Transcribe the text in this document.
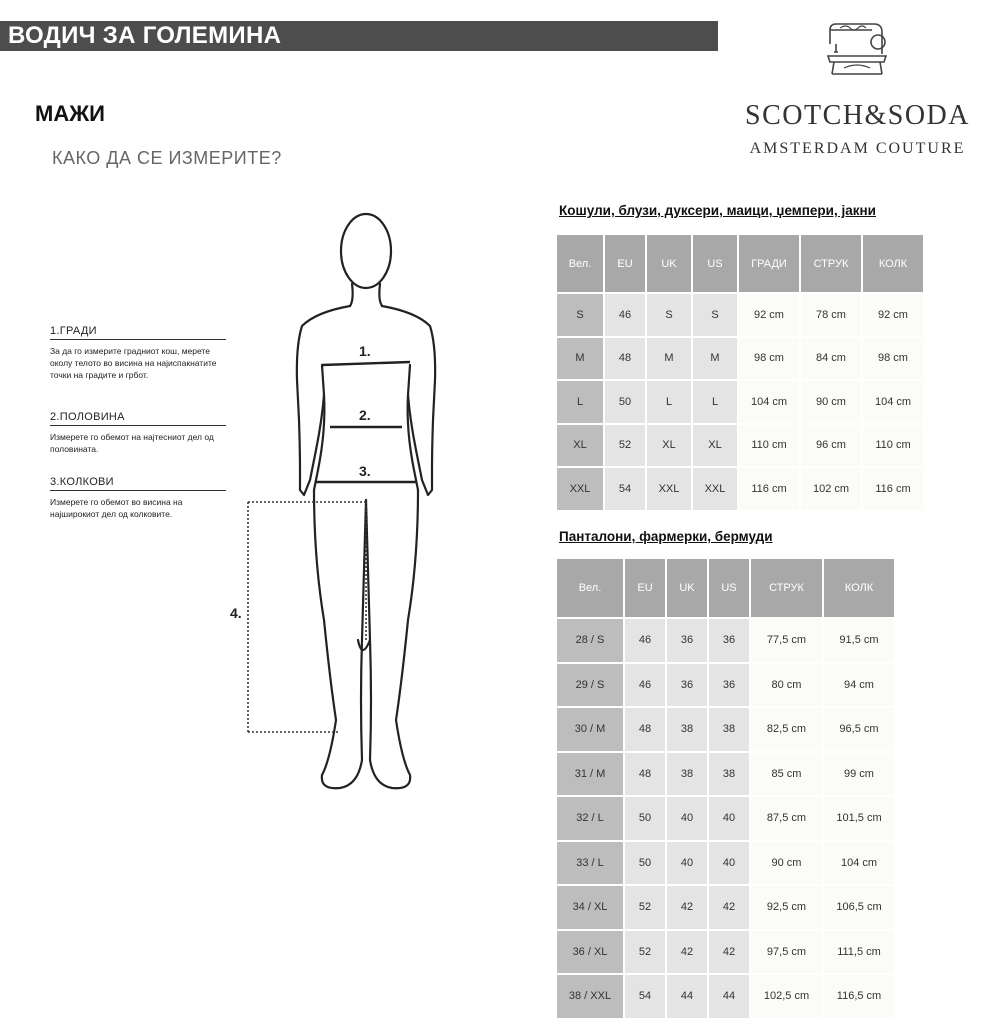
ВОДИЧ ЗА ГОЛЕМИНА
МАЖИ
КАКО ДА СЕ ИЗМЕРИТЕ?
SCOTCH&SODA
AMSTERDAM COUTURE
1.ГРАДИ
За да го измерите градниот кош, мерете околу телото во висина на најиспакнатите точки на градите и грбот.
2.ПОЛОВИНА
Измерете го обемот на најтесниот дел од половината.
3.КОЛКОВИ
Измерете го обемот во висина на најширокиот дел од колковите.
1.
2.
3.
4.
Кошули, блузи, дуксери, маици, џемпери, јакни
Вел.	EU	UK	US	ГРАДИ	СТРУК	КОЛК
S	46	S	S	92 cm	78 cm	92 cm
M	48	M	M	98 cm	84 cm	98 cm
L	50	L	L	104 cm	90 cm	104 cm
XL	52	XL	XL	110 cm	96 cm	110 cm
XXL	54	XXL	XXL	116 cm	102 cm	116 cm
Панталони, фармерки, бермуди
Вел.	EU	UK	US	СТРУК	КОЛК
28 / S	46	36	36	77,5 cm	91,5 cm
29 / S	46	36	36	80 cm	94 cm
30 / M	48	38	38	82,5 cm	96,5 cm
31 / M	48	38	38	85 cm	99 cm
32 / L	50	40	40	87,5 cm	101,5 cm
33 / L	50	40	40	90 cm	104 cm
34 / XL	52	42	42	92,5 cm	106,5 cm
36 / XL	52	42	42	97,5 cm	111,5 cm
38 / XXL	54	44	44	102,5 cm	116,5 cm
